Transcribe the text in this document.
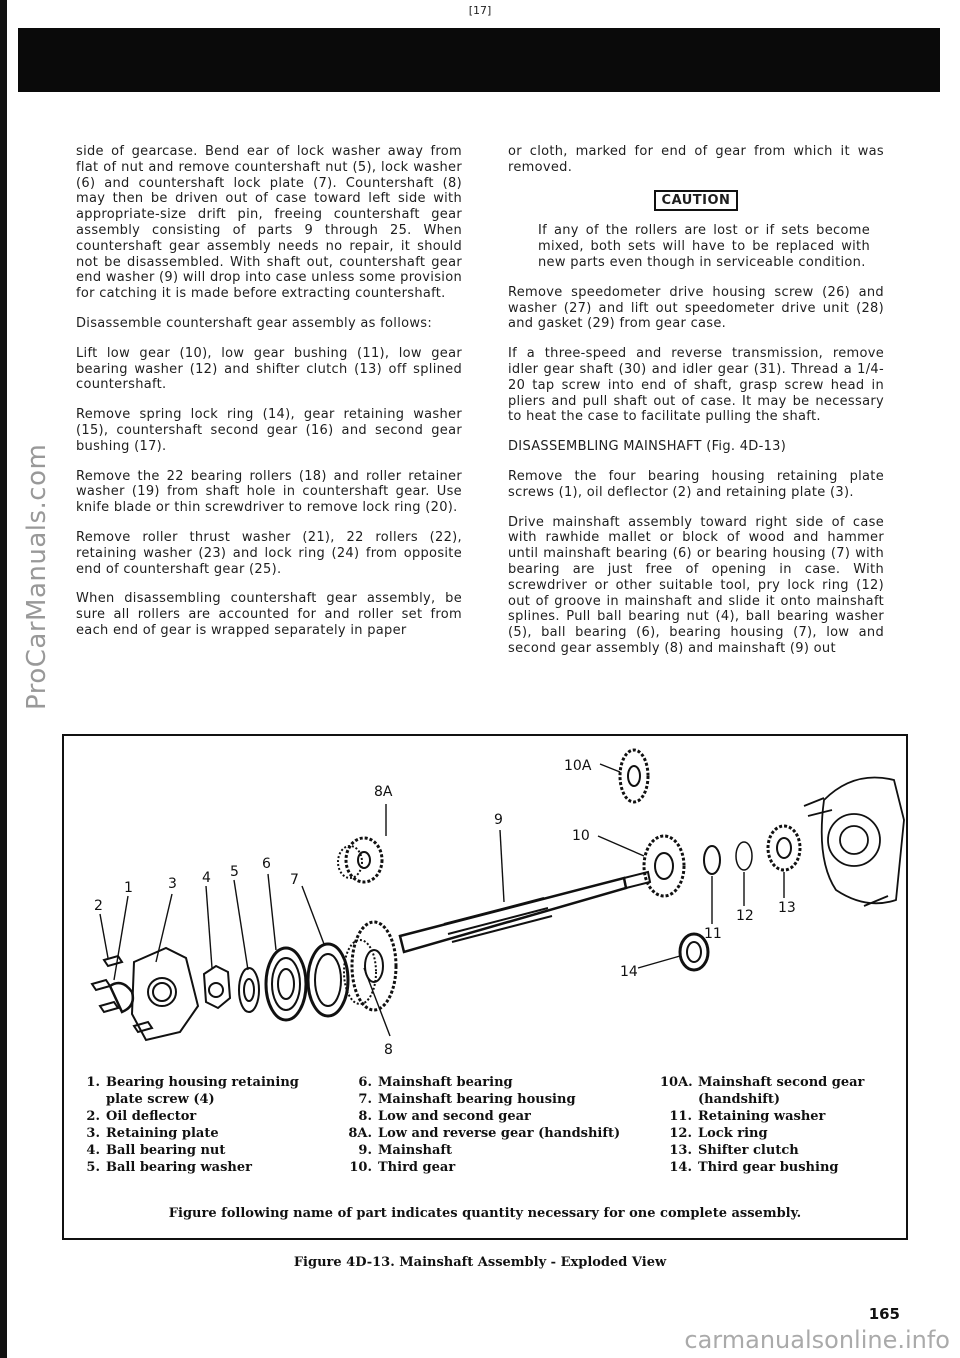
[17]
ProCarManuals.com

side of gearcase. Bend ear of lock washer away from flat of nut and remove countershaft nut (5), lock washer (6) and countershaft lock plate (7). Countershaft (8) may then be driven out of case toward left side with appropriate-size drift pin, freeing countershaft gear assembly consisting of parts 9 through 25. When countershaft gear assembly needs no repair, it should not be disassembled. With shaft out, countershaft gear end washer (9) will drop into case unless some provision for catching it is made before extracting countershaft.

Disassemble countershaft gear assembly as follows:

Lift low gear (10), low gear bushing (11), low gear bearing washer (12) and shifter clutch (13) off splined countershaft.

Remove spring lock ring (14), gear retaining washer (15), countershaft second gear (16) and second gear bushing (17).

Remove the 22 bearing rollers (18) and roller retainer washer (19) from shaft hole in countershaft gear. Use knife blade or thin screwdriver to remove lock ring (20).

Remove roller thrust washer (21), 22 rollers (22), retaining washer (23) and lock ring (24) from opposite end of countershaft gear (25).

When disassembling countershaft gear assembly, be sure all rollers are accounted for and roller set from each end of gear is wrapped separately in paper

or cloth, marked for end of gear from which it was removed.

CAUTION

If any of the rollers are lost or if sets become mixed, both sets will have to be replaced with new parts even though in serviceable condition.

Remove speedometer drive housing screw (26) and washer (27) and lift out speedometer drive unit (28) and gasket (29) from gear case.

If a three-speed and reverse transmission, remove idler gear shaft (30) and idler gear (31). Thread a 1/4-20 tap screw into end of shaft, grasp screw head in pliers and pull shaft out of case. It may be necessary to heat the case to facilitate pulling the shaft.

DISASSEMBLING MAINSHAFT (Fig. 4D-13)

Remove the four bearing housing retaining plate screws (1), oil deflector (2) and retaining plate (3).

Drive mainshaft assembly toward right side of case with rawhide mallet or block of wood and hammer until mainshaft bearing (6) or bearing housing (7) with bearing are just free of opening in case. With screwdriver or other suitable tool, pry lock ring (12) out of groove in mainshaft and slide it onto mainshaft splines. Pull ball bearing nut (4), ball bearing washer (5), ball bearing (6), bearing housing (7), low and second gear assembly (8) and mainshaft (9) out

1
2
3 4 5 6
7
8
8A
9
10
10A
11
12 13
14
1. Bearing housing retaining plate screw (4)
2. Oil deflector
3. Retaining plate
4. Ball bearing nut
5. Ball bearing washer
6. Mainshaft bearing
7. Mainshaft bearing housing
8. Low and second gear
8A. Low and reverse gear (handshift)
9. Mainshaft
10. Third gear
10A. Mainshaft second gear (handshift)
11. Retaining washer
12. Lock ring
13. Shifter clutch
14. Third gear bushing
Figure following name of part indicates quantity necessary for one complete assembly.
Figure 4D-13. Mainshaft Assembly - Exploded View
165
carmanualsonline.info
